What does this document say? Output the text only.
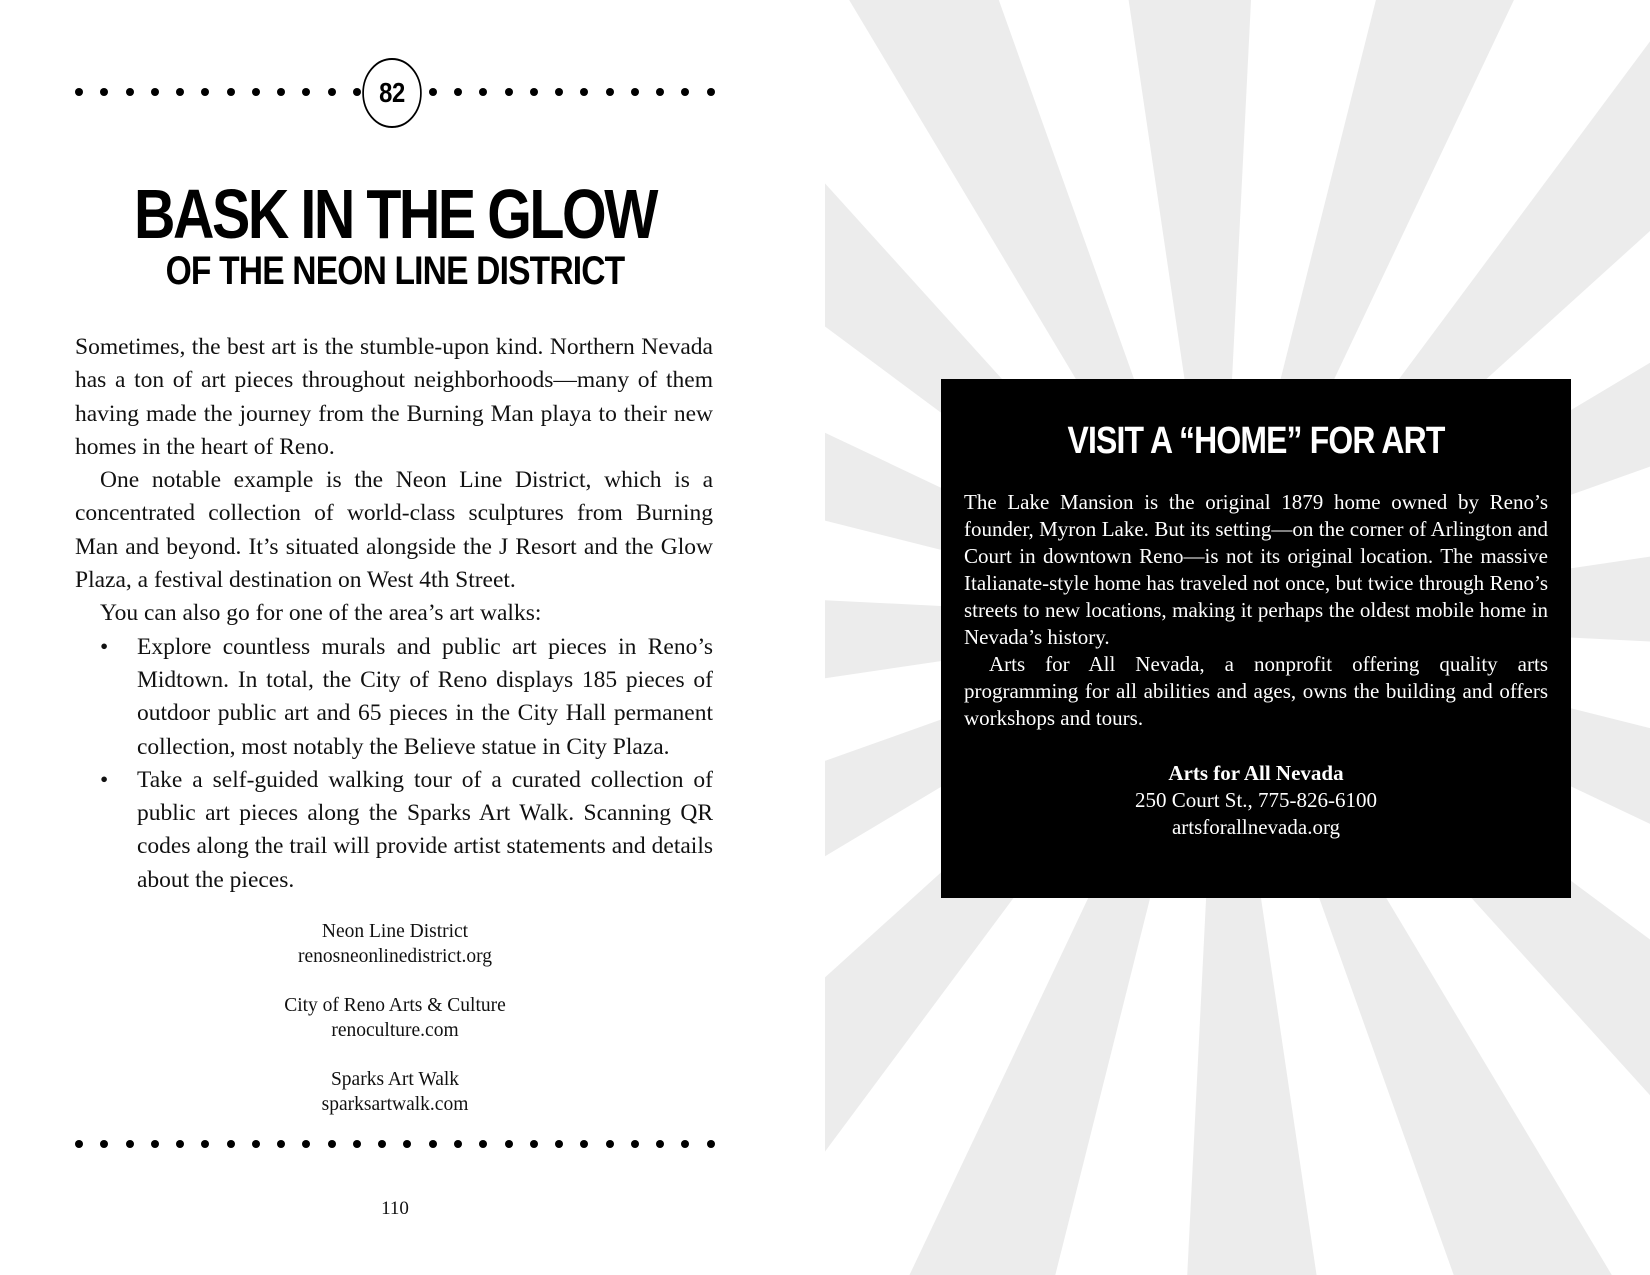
82
BASK IN THE GLOW
OF THE NEON LINE DISTRICT

Sometimes, the best art is the stumble-upon kind. Northern Nevada has a ton of art pieces throughout neighborhoods—many of them having made the journey from the Burning Man playa to their new homes in the heart of Reno.

One notable example is the Neon Line District, which is a concentrated collection of world-class sculptures from Burning Man and beyond. It’s situated alongside the J Resort and the Glow Plaza, a festival destination on West 4th Street.

You can also go for one of the area’s art walks:

• Explore countless murals and public art pieces in Reno’s Midtown. In total, the City of Reno displays 185 pieces of outdoor public art and 65 pieces in the City Hall permanent collection, most notably the Believe statue in City Plaza.
• Take a self-guided walking tour of a curated collection of public art pieces along the Sparks Art Walk. Scanning QR codes along the trail will provide artist statements and details about the pieces.
Neon Line District
renosneonlinedistrict.org
City of Reno Arts & Culture
renoculture.com
Sparks Art Walk
sparksartwalk.com
110
VISIT A “HOME” FOR ART

The Lake Mansion is the original 1879 home owned by Reno’s founder, Myron Lake. But its setting—on the corner of Arlington and Court in downtown Reno—is not its original location. The massive Italianate-style home has traveled not once, but twice through Reno’s streets to new locations, making it perhaps the oldest mobile home in Nevada’s history.

Arts for All Nevada, a nonprofit offering quality arts programming for all abilities and ages, owns the building and offers workshops and tours.

Arts for All Nevada
250 Court St., 775-826-6100
artsforallnevada.org
